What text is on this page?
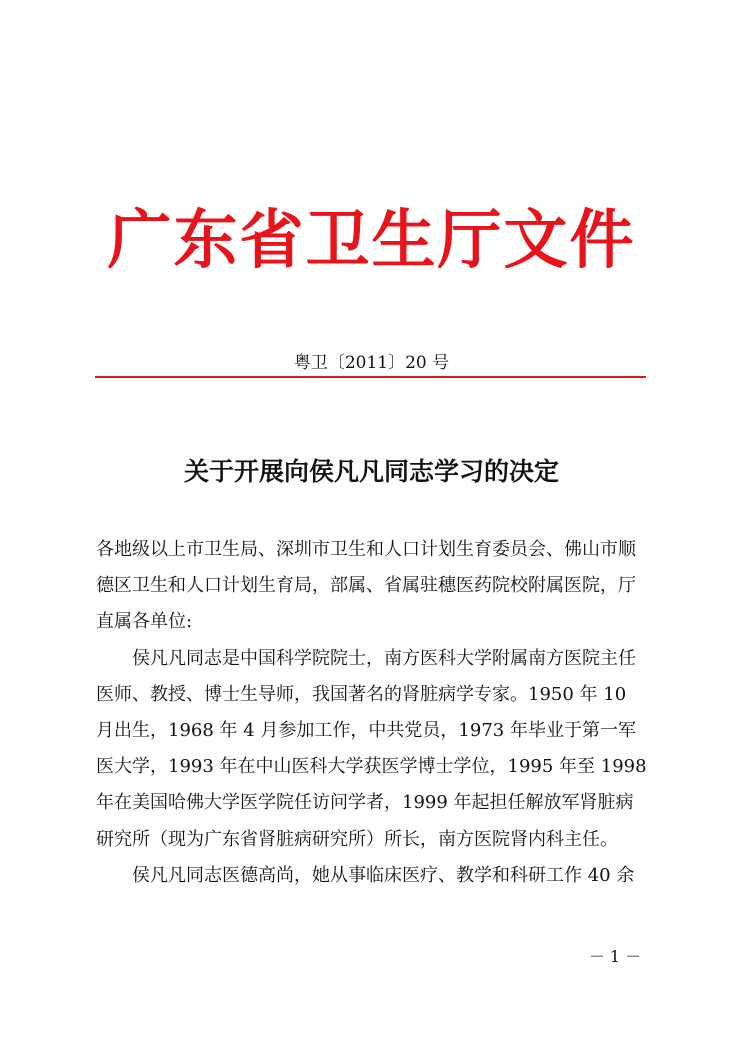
广东省卫生厅文件
粤卫〔2011〕20 号
关于开展向侯凡凡同志学习的决定

各地级以上市卫生局、深圳市卫生和人口计划生育委员会、佛山市顺德区卫生和人口计划生育局，部属、省属驻穗医药院校附属医院，厅直属各单位:

侯凡凡同志是中国科学院院士，南方医科大学附属南方医院主任医师、教授、博士生导师，我国著名的肾脏病学专家。1950 年 10 月出生，1968 年 4 月参加工作，中共党员，1973 年毕业于第一军医大学，1993 年在中山医科大学获医学博士学位，1995 年至 1998 年在美国哈佛大学医学院任访问学者，1999 年起担任解放军肾脏病研究所（现为广东省肾脏病研究所）所长，南方医院肾内科主任。

侯凡凡同志医德高尚，她从事临床医疗、教学和科研工作 40 余

－ 1 －
